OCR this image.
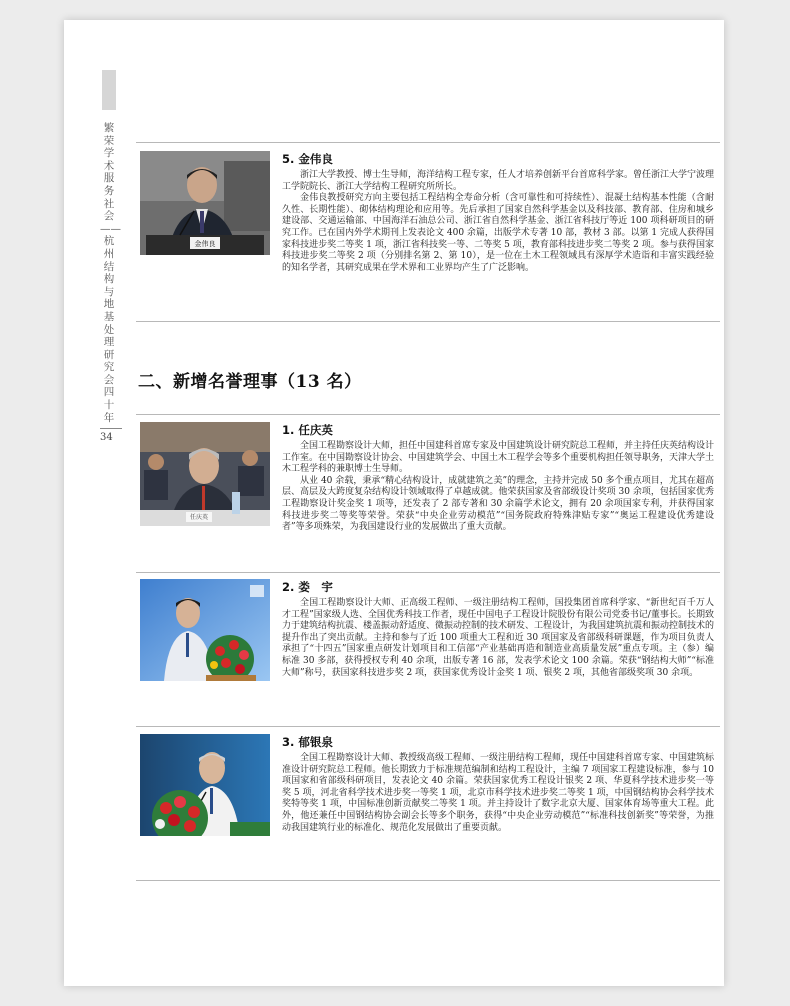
繁荣学术 服务社会 —— 杭州结构与地基处理研究会四十年
34
金伟良
5. 金伟良

浙江大学教授、博士生导师，海洋结构工程专家，任人才培养创新平台首席科学家。曾任浙江大学宁波理工学院院长、浙江大学结构工程研究所所长。

金伟良教授研究方向主要包括工程结构全寿命分析（含可靠性和可持续性）、混凝土结构基本性能（含耐久性、长期性能）、砌体结构理论和应用等。先后承担了国家自然科学基金以及科技部、教育部、住房和城乡建设部、交通运输部、中国海洋石油总公司、浙江省自然科学基金、浙江省科技厅等近 100 项科研项目的研究工作。已在国内外学术期刊上发表论文 400 余篇，出版学术专著 10 部，教材 3 部。以第 1 完成人获得国家科技进步奖二等奖 1 项，浙江省科技奖一等、二等奖 5 项，教育部科技进步奖二等奖 2 项。参与获得国家科技进步奖二等奖 2 项（分别排名第 2、第 10），是一位在土木工程领域具有深厚学术造诣和丰富实践经验的知名学者，其研究成果在学术界和工业界均产生了广泛影响。

二、新增名誉理事（13 名）
任庆英
1. 任庆英

全国工程勘察设计大师，担任中国建科首席专家及中国建筑设计研究院总工程师，并主持任庆英结构设计工作室。在中国勘察设计协会、中国建筑学会、中国土木工程学会等多个重要机构担任领导职务，天津大学土木工程学科的兼职博士生导师。

从业 40 余载，秉承“精心结构设计，成就建筑之美”的理念，主持并完成 50 多个重点项目，尤其在超高层、高层及大跨度复杂结构设计领域取得了卓越成就。他荣获国家及省部级设计奖项 30 余项，包括国家优秀工程勘察设计奖金奖 1 项等，还发表了 2 部专著和 30 余篇学术论文，拥有 20 余项国家专利，并获得国家科技进步奖二等奖等荣誉。荣获“中央企业劳动模范”“国务院政府特殊津贴专家”“奥运工程建设优秀建设者”等多项殊荣，为我国建设行业的发展做出了重大贡献。

2. 娄　宇

全国工程勘察设计大师、正高级工程师、一级注册结构工程师，国投集团首席科学家、“新世纪百千万人才工程”国家级人选、全国优秀科技工作者，现任中国电子工程设计院股份有限公司党委书记/董事长。长期致力于建筑结构抗震、楼盖振动舒适度、微振动控制的技术研发、工程设计，为我国建筑抗震和振动控制技术的提升作出了突出贡献。主持和参与了近 100 项重大工程和近 30 项国家及省部级科研课题，作为项目负责人承担了“十四五”国家重点研发计划项目和工信部“产业基础再造和制造业高质量发展”重点专项。主（参）编标准 30 多部，获得授权专利 40 余项，出版专著 16 部，发表学术论文 100 余篇。荣获“钢结构大师”“标准大师”称号，获国家科技进步奖 2 项，获国家优秀设计金奖 1 项、银奖 2 项，其他省部级奖项 30 余项。

3. 郁银泉

全国工程勘察设计大师、教授级高级工程师、一级注册结构工程师，现任中国建科首席专家、中国建筑标准设计研究院总工程师。他长期致力于标准规范编制和结构工程设计，主编 7 项国家工程建设标准，参与 10 项国家和省部级科研项目，发表论文 40 余篇。荣获国家优秀工程设计银奖 2 项、华夏科学技术进步奖一等奖 5 项，河北省科学技术进步奖一等奖 1 项，北京市科学技术进步奖二等奖 1 项，中国钢结构协会科学技术奖特等奖 1 项，中国标准创新贡献奖二等奖 1 项。并主持设计了数字北京大厦、国家体育场等重大工程。此外，他还兼任中国钢结构协会副会长等多个职务，获得“中央企业劳动模范”“标准科技创新奖”等荣誉，为推动我国建筑行业的标准化、规范化发展做出了重要贡献。
